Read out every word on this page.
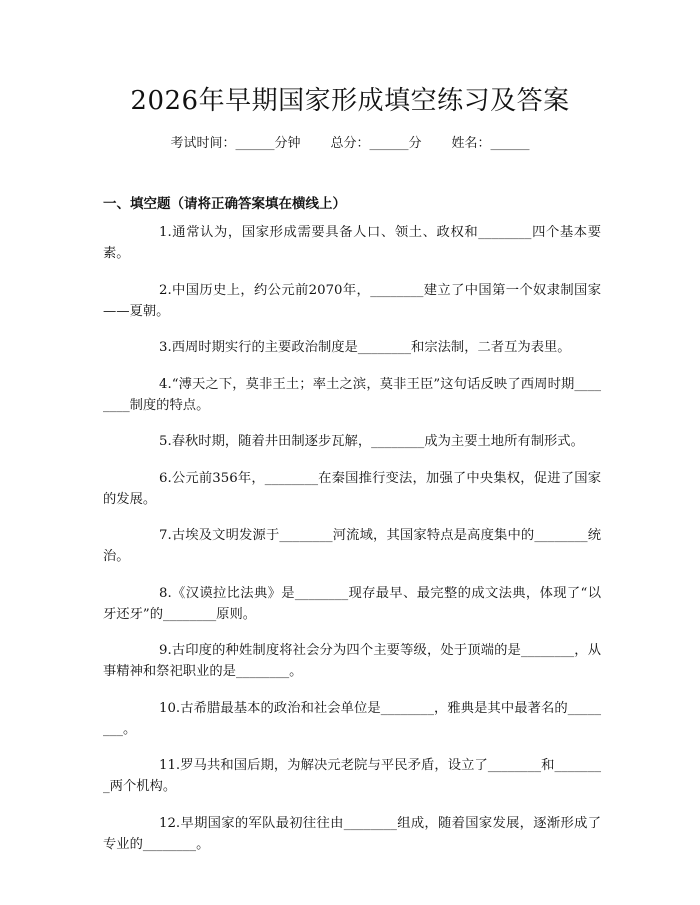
2026年早期国家形成填空练习及答案
考试时间：______分钟 总分：______分 姓名：______
一、填空题（请将正确答案填在横线上）

1.通常认为，国家形成需要具备人口、领土、政权和________四个基本要素。

2.中国历史上，约公元前2070年，________建立了中国第一个奴隶制国家——夏朝。

3.西周时期实行的主要政治制度是________和宗法制，二者互为表里。

4.“溥天之下，莫非王土；率土之滨，莫非王臣”这句话反映了西周时期________制度的特点。

5.春秋时期，随着井田制逐步瓦解，________成为主要土地所有制形式。

6.公元前356年，________在秦国推行变法，加强了中央集权，促进了国家的发展。

7.古埃及文明发源于________河流域，其国家特点是高度集中的________统治。

8.《汉谟拉比法典》是________现存最早、最完整的成文法典，体现了“以牙还牙”的________原则。

9.古印度的种姓制度将社会分为四个主要等级，处于顶端的是________，从事精神和祭祀职业的是________。

10.古希腊最基本的政治和社会单位是________，雅典是其中最著名的________。

11.罗马共和国后期，为解决元老院与平民矛盾，设立了________和________两个机构。

12.早期国家的军队最初往往由________组成，随着国家发展，逐渐形成了专业的________。
